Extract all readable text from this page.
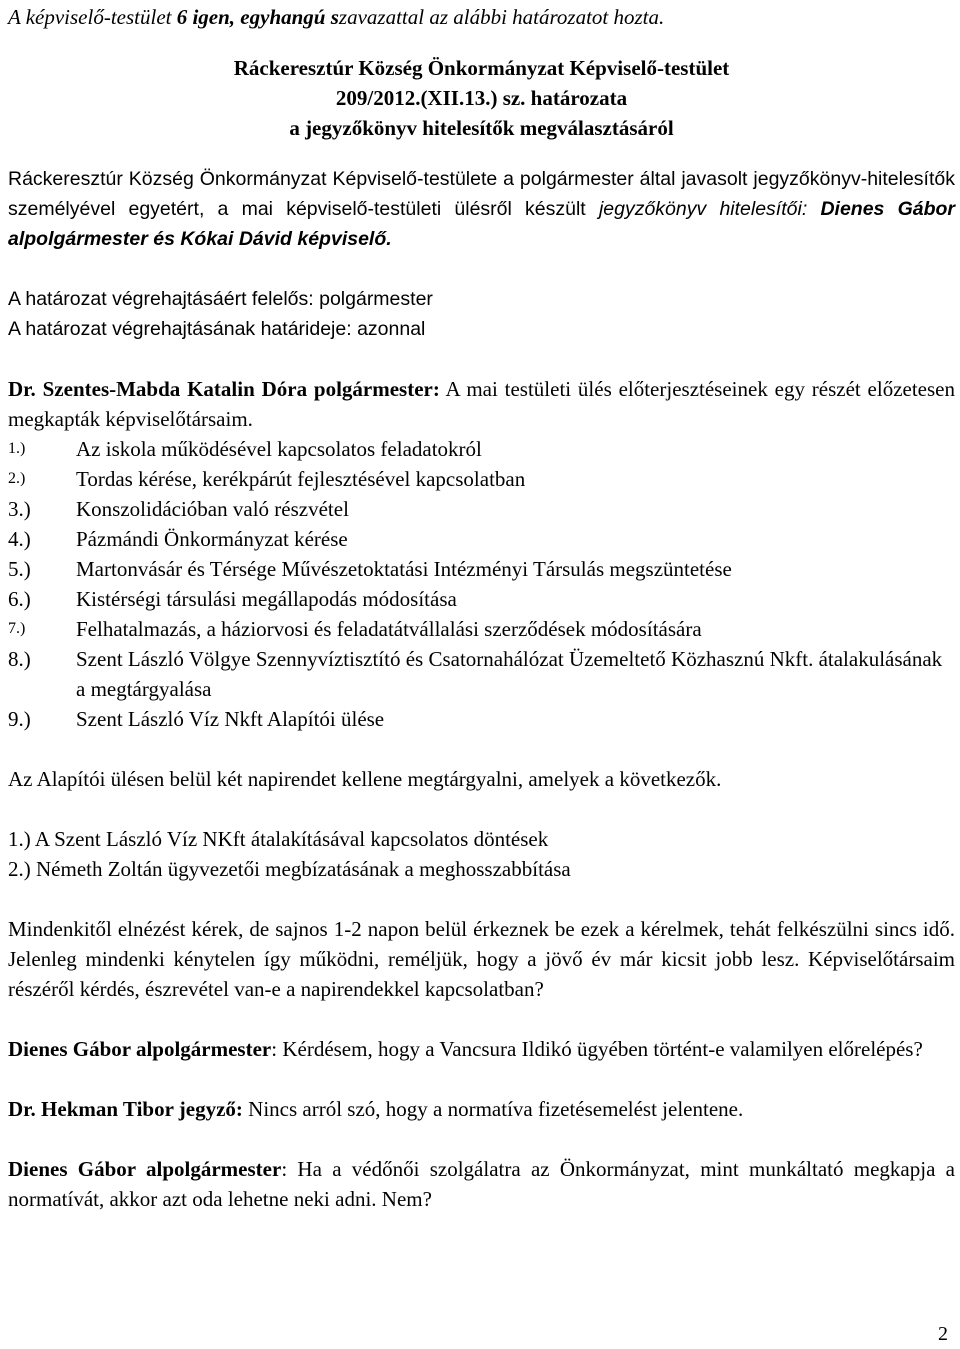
A képviselő-testület 6 igen, egyhangú szavazattal az alábbi határozatot hozta.

Ráckeresztúr Község Önkormányzat Képviselő-testület

209/2012.(XII.13.) sz. határozata

a jegyzőkönyv hitelesítők megválasztásáról

Ráckeresztúr Község Önkormányzat Képviselő-testülete a polgármester által javasolt jegyzőkönyv-hitelesítők személyével egyetért, a mai képviselő-testületi ülésről készült jegyzőkönyv hitelesítői: Dienes Gábor alpolgármester és Kókai Dávid képviselő.

A határozat végrehajtásáért felelős: polgármester

A határozat végrehajtásának határideje: azonnal

Dr. Szentes-Mabda Katalin Dóra polgármester: A mai testületi ülés előterjesztéseinek egy részét előzetesen megkapták képviselőtársaim.

1.)	Az iskola működésével kapcsolatos feladatokról
2.)	Tordas kérése, kerékpárút fejlesztésével kapcsolatban
3.)	Konszolidációban való részvétel
4.)	Pázmándi Önkormányzat kérése
5.)	Martonvásár és Térsége Művészetoktatási Intézményi Társulás megszüntetése
6.)	Kistérségi társulási megállapodás módosítása
7.)	Felhatalmazás, a háziorvosi és feladatátvállalási szerződések módosítására
8.)	Szent László Völgye Szennyvíztisztító és Csatornahálózat Üzemeltető Közhasznú Nkft. átalakulásának a megtárgyalása
9.)	Szent László Víz Nkft Alapítói ülése

Az Alapítói ülésen belül két napirendet kellene megtárgyalni, amelyek a következők.

1.) A Szent László Víz NKft átalakításával kapcsolatos döntések

2.) Németh Zoltán ügyvezetői megbízatásának a meghosszabbítása

Mindenkitől elnézést kérek, de sajnos 1-2 napon belül érkeznek be ezek a kérelmek, tehát felkészülni sincs idő. Jelenleg mindenki kénytelen így működni, reméljük, hogy a jövő év már kicsit jobb lesz. Képviselőtársaim részéről kérdés, észrevétel van-e a napirendekkel kapcsolatban?

Dienes Gábor alpolgármester: Kérdésem, hogy a Vancsura Ildikó ügyében történt-e valamilyen előrelépés?

Dr. Hekman Tibor jegyző: Nincs arról szó, hogy a normatíva fizetésemelést jelentene.

Dienes Gábor alpolgármester: Ha a védőnői szolgálatra az Önkormányzat, mint munkáltató megkapja a normatívát, akkor azt oda lehetne neki adni. Nem?

2
